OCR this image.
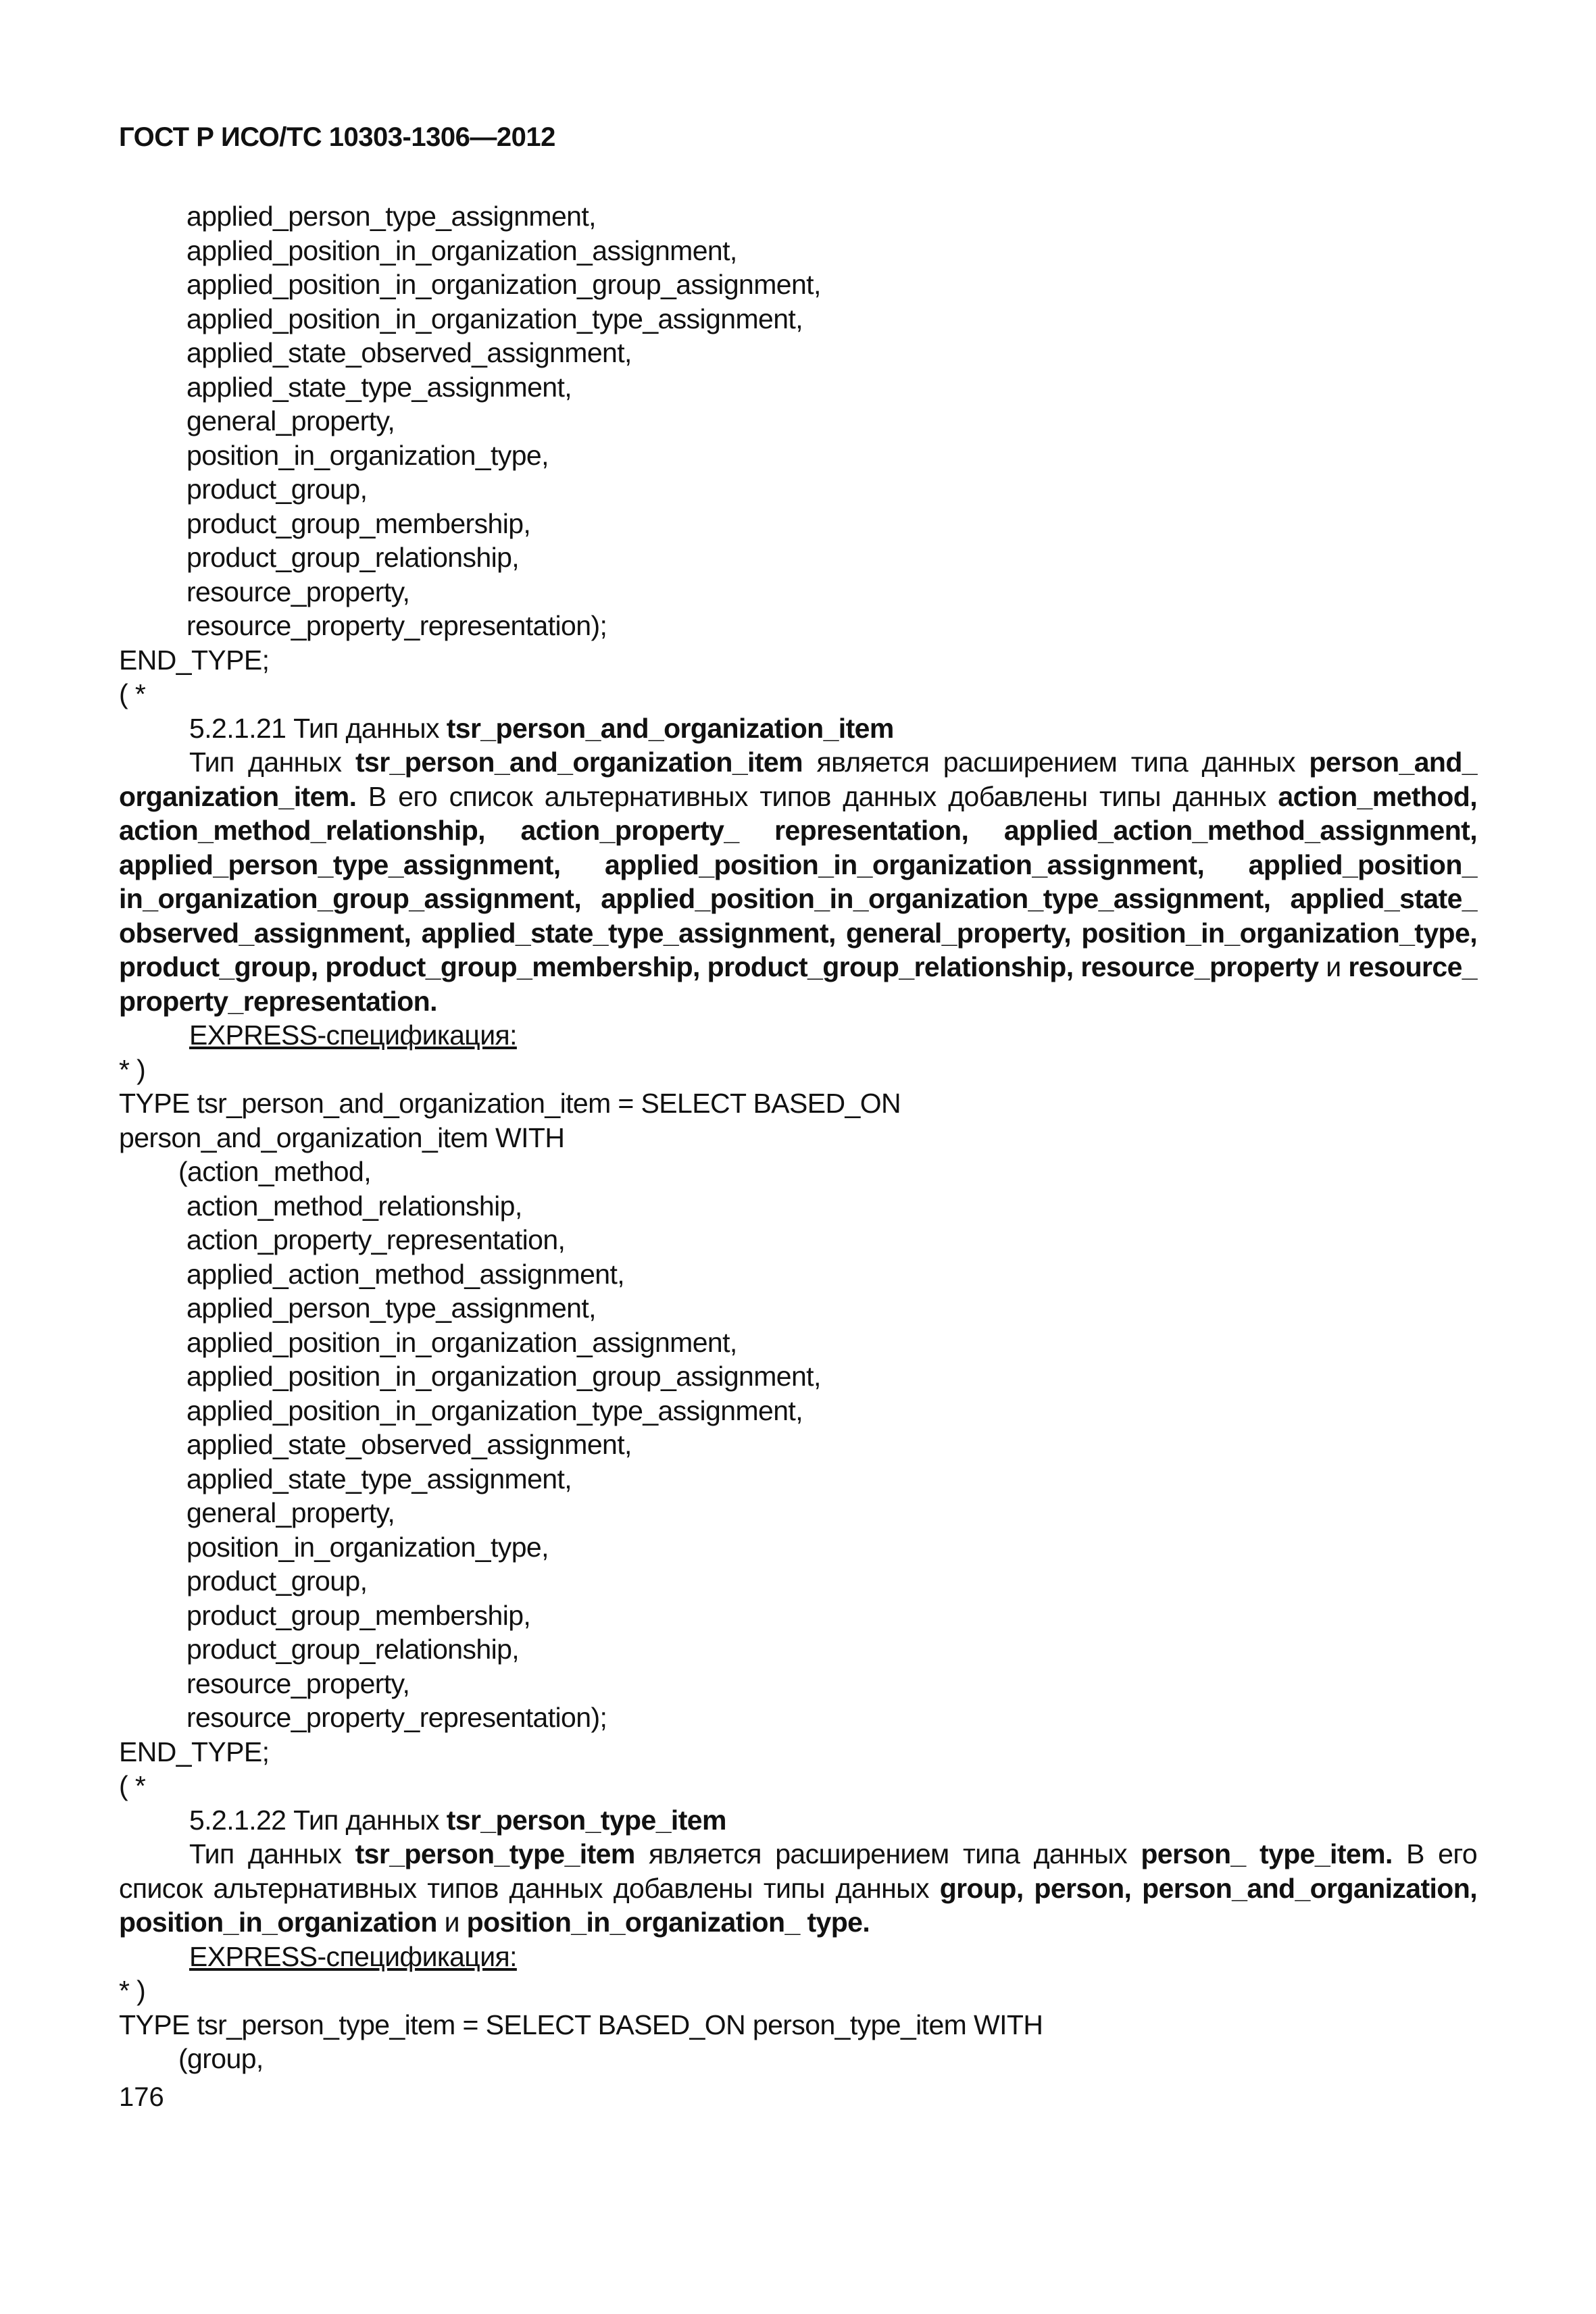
ГОСТ Р ИСО/ТС 10303-1306—2012
applied_person_type_assignment,
applied_position_in_organization_assignment,
applied_position_in_organization_group_assignment,
applied_position_in_organization_type_assignment,
applied_state_observed_assignment,
applied_state_type_assignment,
general_property,
position_in_organization_type,
product_group,
product_group_membership,
product_group_relationship,
resource_property,
resource_property_representation);
END_TYPE;
( *
5.2.1.21 Тип данных tsr_person_and_organization_item
Тип данных tsr_person_and_organization_item является расширением типа данных person_and_ organization_item. В его список альтернативных типов данных добавлены типы данных action_method, action_method_relationship, action_property_ representation, applied_action_method_assignment, applied_person_type_assignment, applied_position_in_organization_assignment, applied_position_ in_organization_group_assignment, applied_position_in_organization_type_assignment, applied_state_ observed_assignment, applied_state_type_assignment, general_property, position_in_organization_type, product_group, product_group_membership, product_group_relationship, resource_property и resource_ property_representation.
EXPRESS-спецификация:
* )
TYPE tsr_person_and_organization_item = SELECT BASED_ON
person_and_organization_item WITH
(action_method,
action_method_relationship,
action_property_representation,
applied_action_method_assignment,
applied_person_type_assignment,
applied_position_in_organization_assignment,
applied_position_in_organization_group_assignment,
applied_position_in_organization_type_assignment,
applied_state_observed_assignment,
applied_state_type_assignment,
general_property,
position_in_organization_type,
product_group,
product_group_membership,
product_group_relationship,
resource_property,
resource_property_representation);
END_TYPE;
( *
5.2.1.22 Тип данных tsr_person_type_item
Тип данных tsr_person_type_item является расширением типа данных person_ type_item. В его список альтернативных типов данных добавлены типы данных group, person, person_and_organization, position_in_organization и position_in_organization_ type.
EXPRESS-спецификация:
* )
TYPE tsr_person_type_item = SELECT BASED_ON person_type_item WITH
(group,
176
